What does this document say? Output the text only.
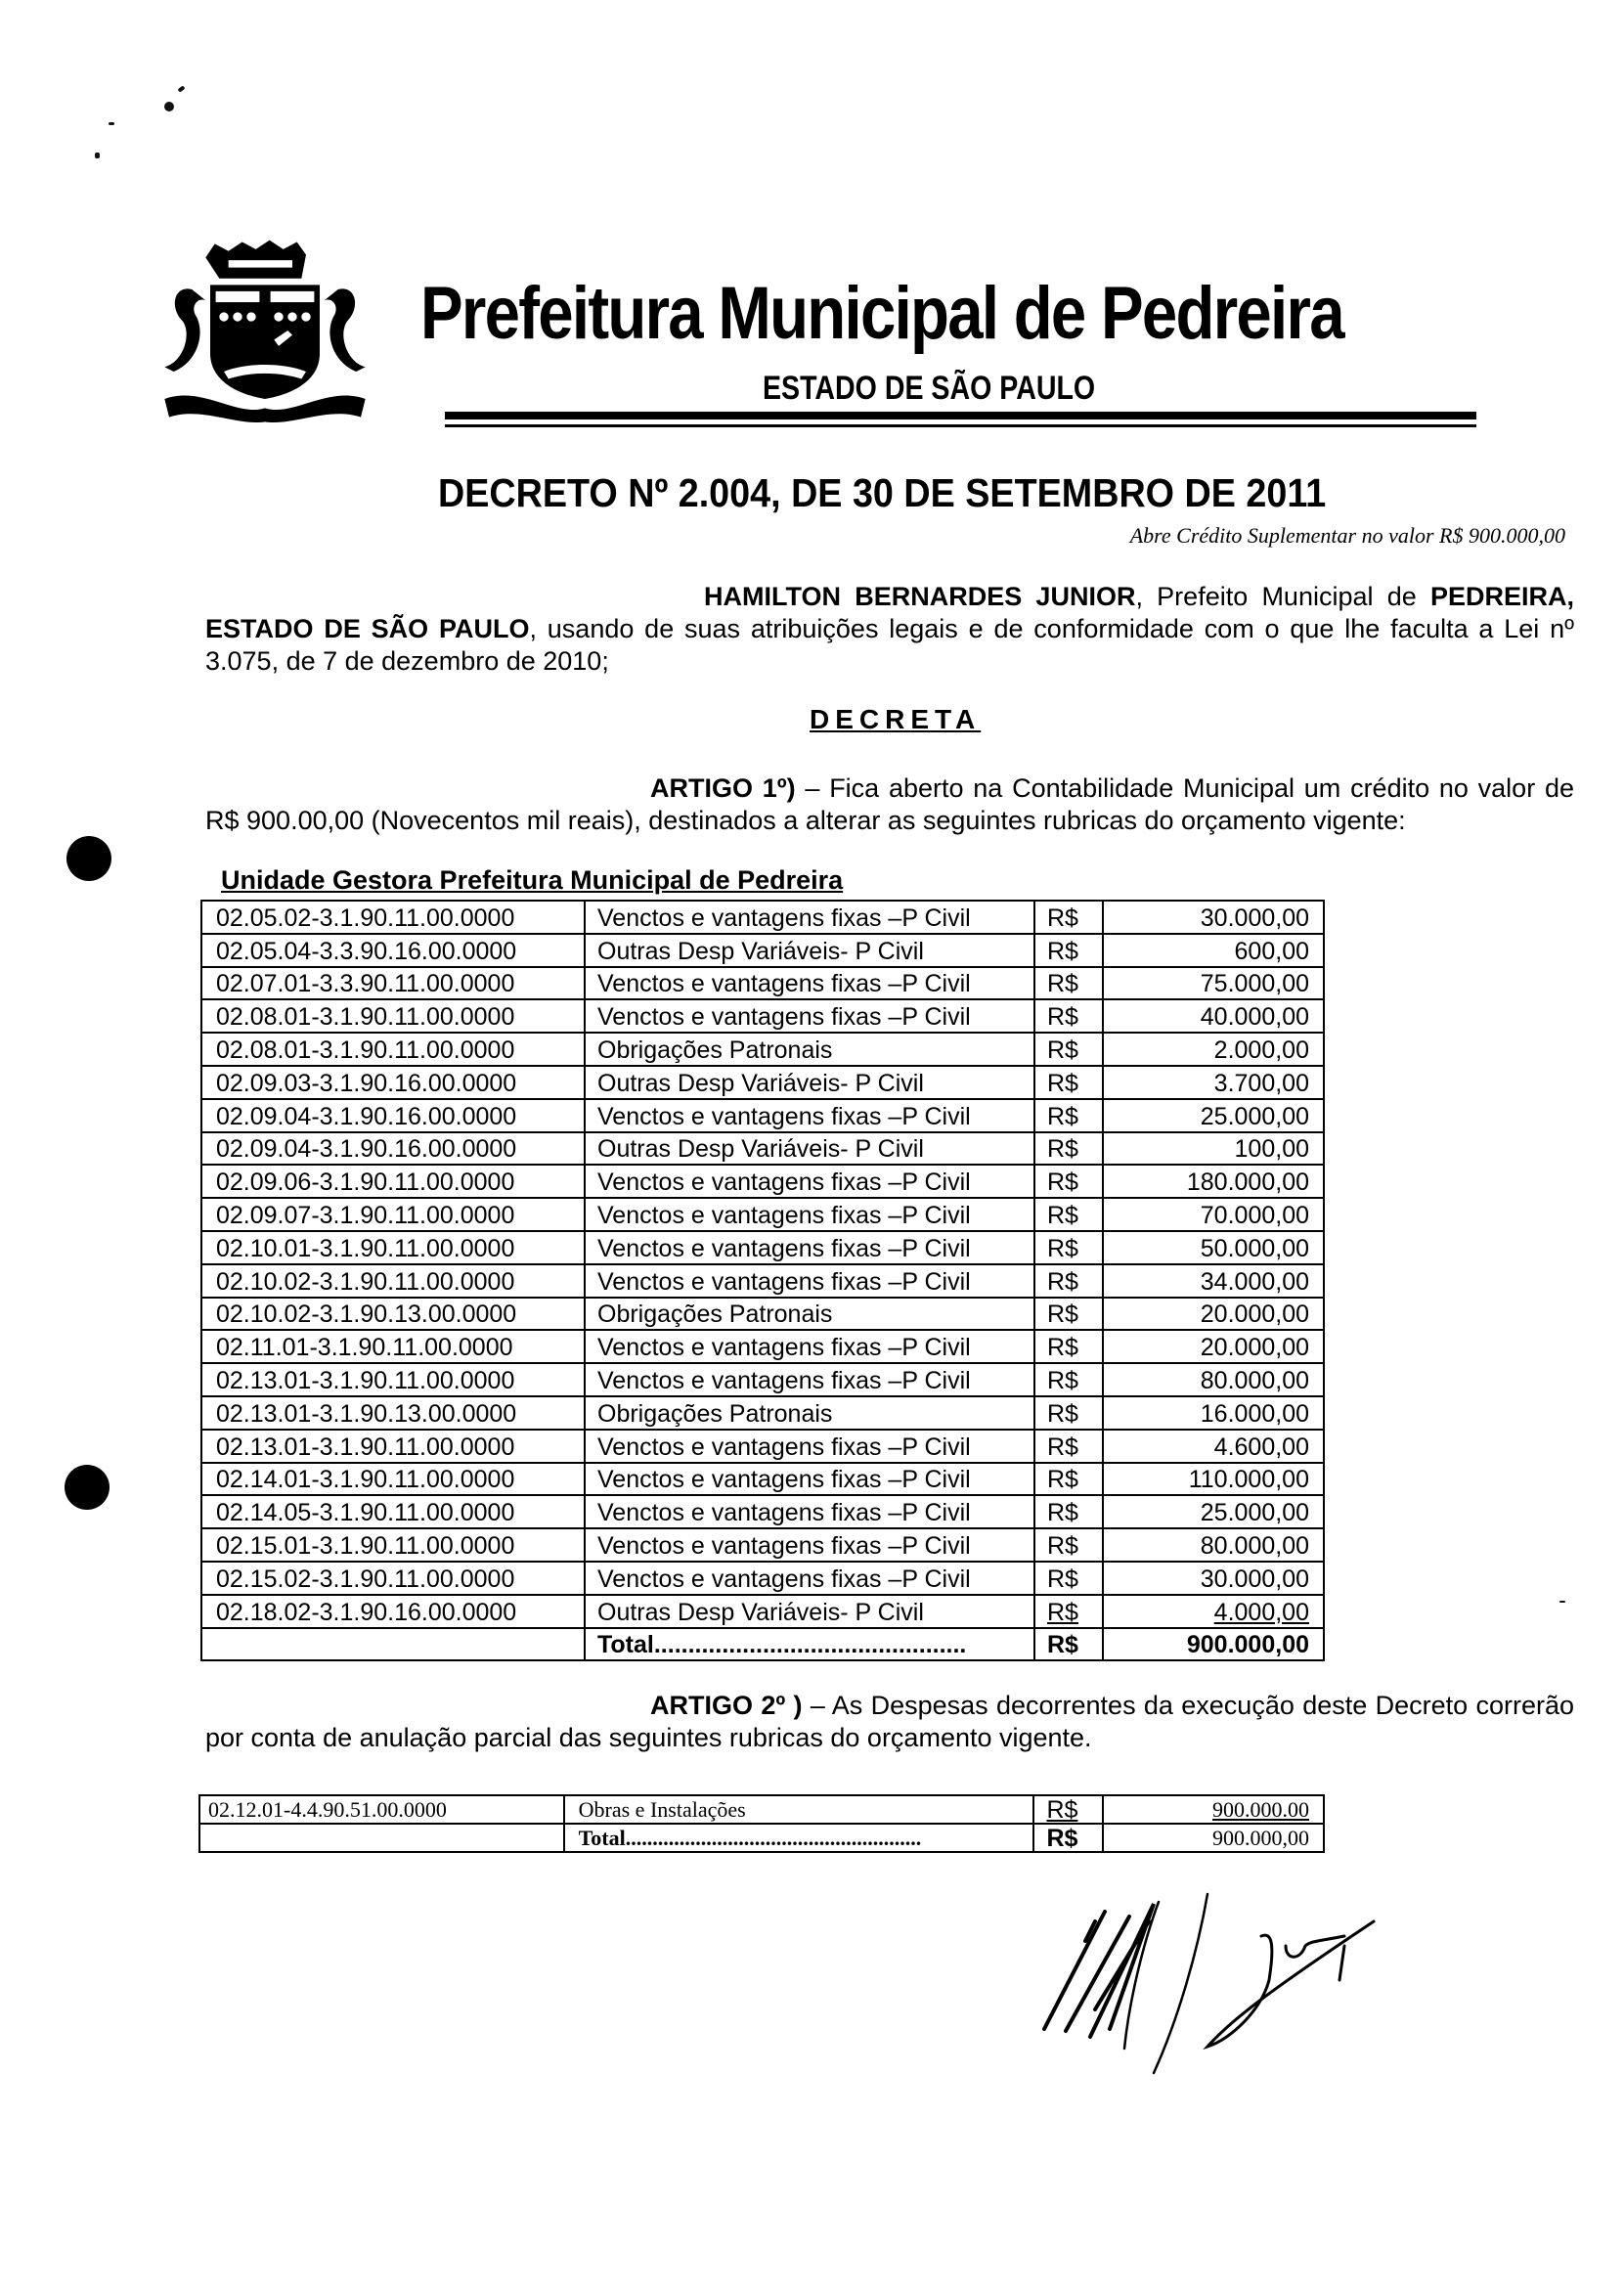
Prefeitura Municipal de Pedreira
ESTADO DE SÃO PAULO
DECRETO Nº 2.004, DE 30 DE SETEMBRO DE 2011
Abre Crédito Suplementar no valor R$ 900.000,00
HAMILTON BERNARDES JUNIOR, Prefeito Municipal de PEDREIRA, ESTADO DE SÃO PAULO, usando de suas atribuições legais e de conformidade com o que lhe faculta a Lei nº 3.075, de 7 de dezembro de 2010;
DECRETA
ARTIGO 1º) – Fica aberto na Contabilidade Municipal um crédito no valor de R$ 900.00,00 (Novecentos mil reais), destinados a alterar as seguintes rubricas do orçamento vigente:
Unidade Gestora Prefeitura Municipal de Pedreira
02.05.02-3.1.90.11.00.0000	Venctos e vantagens fixas –P Civil	R$	30.000,00
02.05.04-3.3.90.16.00.0000	Outras Desp Variáveis- P Civil	R$	600,00
02.07.01-3.3.90.11.00.0000	Venctos e vantagens fixas –P Civil	R$	75.000,00
02.08.01-3.1.90.11.00.0000	Venctos e vantagens fixas –P Civil	R$	40.000,00
02.08.01-3.1.90.11.00.0000	Obrigações Patronais	R$	2.000,00
02.09.03-3.1.90.16.00.0000	Outras Desp Variáveis- P Civil	R$	3.700,00
02.09.04-3.1.90.16.00.0000	Venctos e vantagens fixas –P Civil	R$	25.000,00
02.09.04-3.1.90.16.00.0000	Outras Desp Variáveis- P Civil	R$	100,00
02.09.06-3.1.90.11.00.0000	Venctos e vantagens fixas –P Civil	R$	180.000,00
02.09.07-3.1.90.11.00.0000	Venctos e vantagens fixas –P Civil	R$	70.000,00
02.10.01-3.1.90.11.00.0000	Venctos e vantagens fixas –P Civil	R$	50.000,00
02.10.02-3.1.90.11.00.0000	Venctos e vantagens fixas –P Civil	R$	34.000,00
02.10.02-3.1.90.13.00.0000	Obrigações Patronais	R$	20.000,00
02.11.01-3.1.90.11.00.0000	Venctos e vantagens fixas –P Civil	R$	20.000,00
02.13.01-3.1.90.11.00.0000	Venctos e vantagens fixas –P Civil	R$	80.000,00
02.13.01-3.1.90.13.00.0000	Obrigações Patronais	R$	16.000,00
02.13.01-3.1.90.11.00.0000	Venctos e vantagens fixas –P Civil	R$	4.600,00
02.14.01-3.1.90.11.00.0000	Venctos e vantagens fixas –P Civil	R$	110.000,00
02.14.05-3.1.90.11.00.0000	Venctos e vantagens fixas –P Civil	R$	25.000,00
02.15.01-3.1.90.11.00.0000	Venctos e vantagens fixas –P Civil	R$	80.000,00
02.15.02-3.1.90.11.00.0000	Venctos e vantagens fixas –P Civil	R$	30.000,00
02.18.02-3.1.90.16.00.0000	Outras Desp Variáveis- P Civil	R$	4.000,00
	Total..............................................	R$	900.000,00
ARTIGO 2º ) – As Despesas decorrentes da execução deste Decreto correrão por conta de anulação parcial das seguintes rubricas do orçamento vigente.
02.12.01-4.4.90.51.00.0000	Obras e Instalações	R$	900.000.00
	Total.......................................................	R$	900.000,00
